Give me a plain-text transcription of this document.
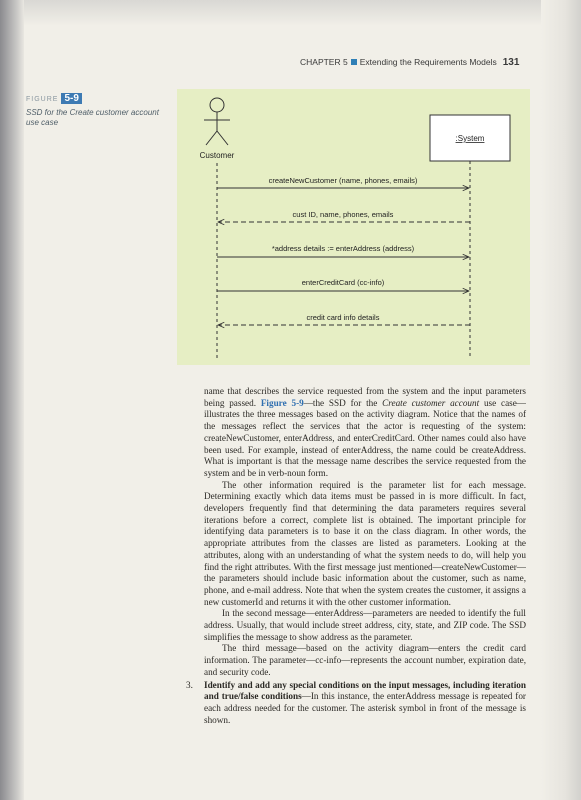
CHAPTER 5 Extending the Requirements Models 131
FIGURE 5-9
SSD for the Create customer account
use case
Customer
:System
createNewCustomer (name, phones, emails)
cust ID, name, phones, emails
*address details := enterAddress (address)
enterCreditCard (cc-info)
credit card info details

name that describes the service requested from the system and the input parameters being passed. Figure 5-9—the SSD for the Create customer account use case—illustrates the three messages based on the activity diagram. Notice that the names of the messages reflect the services that the actor is requesting of the system: createNewCustomer, enterAddress, and enterCreditCard. Other names could also have been used. For example, instead of enterAddress, the name could be createAddress. What is important is that the message name describes the service requested from the system and be in verb-noun form.

The other information required is the parameter list for each message. Determining exactly which data items must be passed in is more difficult. In fact, developers frequently find that determining the data parameters requires several iterations before a correct, complete list is obtained. The important principle for identifying data parameters is to base it on the class diagram. In other words, the appropriate attributes from the classes are listed as parameters. Looking at the attributes, along with an understanding of what the system needs to do, will help you find the right attributes. With the first message just mentioned—createNewCustomer—the parameters should include basic information about the customer, such as name, phone, and e-mail address. Note that when the system creates the customer, it assigns a new customerId and returns it with the other customer information.

In the second message—enterAddress—parameters are needed to identify the full address. Usually, that would include street address, city, state, and ZIP code. The SSD simplifies the message to show address as the parameter.

The third message—based on the activity diagram—enters the credit card information. The parameter—cc-info—represents the account number, expiration date, and security code.

3. Identify and add any special conditions on the input messages, including iteration and true/false conditions—In this instance, the enterAddress message is repeated for each address needed for the customer. The asterisk symbol in front of the message is shown.
